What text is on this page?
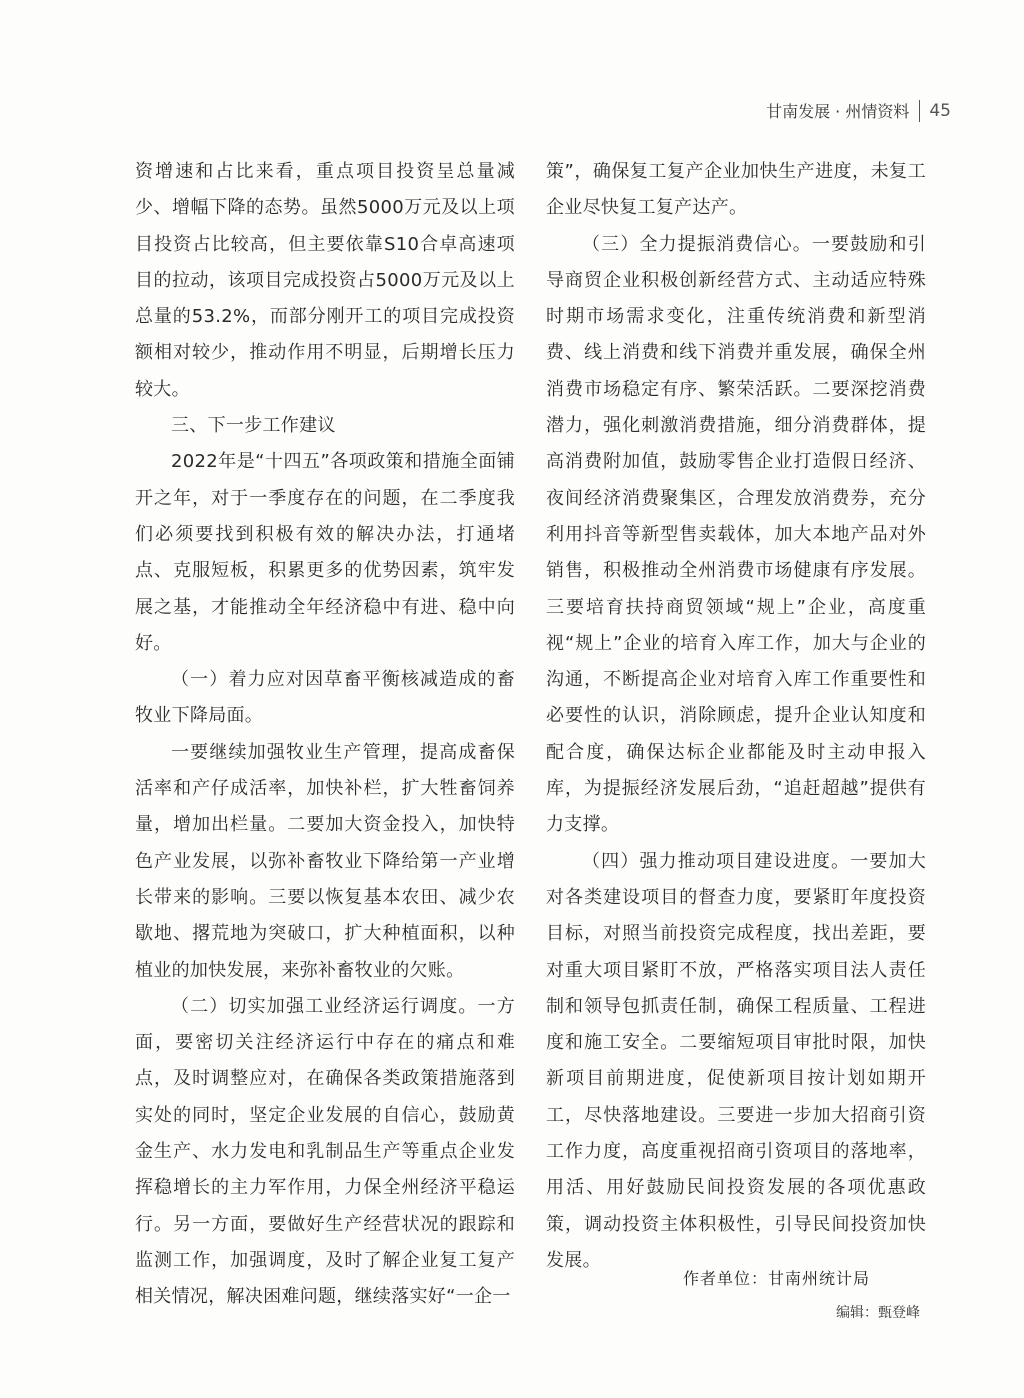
甘南发展 · 州情资料 45

资增速和占比来看，重点项目投资呈总量减少、增幅下降的态势。虽然5000万元及以上项目投资占比较高，但主要依靠S10合卓高速项目的拉动，该项目完成投资占5000万元及以上总量的53.2%，而部分刚开工的项目完成投资额相对较少，推动作用不明显，后期增长压力较大。

三、下一步工作建议

2022年是“十四五”各项政策和措施全面铺开之年，对于一季度存在的问题，在二季度我们必须要找到积极有效的解决办法，打通堵点、克服短板，积累更多的优势因素，筑牢发展之基，才能推动全年经济稳中有进、稳中向好。

（一）着力应对因草畜平衡核减造成的畜牧业下降局面。

一要继续加强牧业生产管理，提高成畜保活率和产仔成活率，加快补栏，扩大牲畜饲养量，增加出栏量。二要加大资金投入，加快特色产业发展，以弥补畜牧业下降给第一产业增长带来的影响。三要以恢复基本农田、减少农歇地、撂荒地为突破口，扩大种植面积，以种植业的加快发展，来弥补畜牧业的欠账。

（二）切实加强工业经济运行调度。一方面，要密切关注经济运行中存在的痛点和难点，及时调整应对，在确保各类政策措施落到实处的同时，坚定企业发展的自信心，鼓励黄金生产、水力发电和乳制品生产等重点企业发挥稳增长的主力军作用，力保全州经济平稳运行。另一方面，要做好生产经营状况的跟踪和监测工作，加强调度，及时了解企业复工复产相关情况，解决困难问题，继续落实好“一企一

策”，确保复工复产企业加快生产进度，未复工企业尽快复工复产达产。

（三）全力提振消费信心。一要鼓励和引导商贸企业积极创新经营方式、主动适应特殊时期市场需求变化，注重传统消费和新型消费、线上消费和线下消费并重发展，确保全州消费市场稳定有序、繁荣活跃。二要深挖消费潜力，强化刺激消费措施，细分消费群体，提高消费附加值，鼓励零售企业打造假日经济、夜间经济消费聚集区，合理发放消费券，充分利用抖音等新型售卖载体，加大本地产品对外销售，积极推动全州消费市场健康有序发展。三要培育扶持商贸领域“规上”企业，高度重视“规上”企业的培育入库工作，加大与企业的沟通，不断提高企业对培育入库工作重要性和必要性的认识，消除顾虑，提升企业认知度和配合度，确保达标企业都能及时主动申报入库，为提振经济发展后劲，“追赶超越”提供有力支撑。

（四）强力推动项目建设进度。一要加大对各类建设项目的督查力度，要紧盯年度投资目标，对照当前投资完成程度，找出差距，要对重大项目紧盯不放，严格落实项目法人责任制和领导包抓责任制，确保工程质量、工程进度和施工安全。二要缩短项目审批时限，加快新项目前期进度，促使新项目按计划如期开工，尽快落地建设。三要进一步加大招商引资工作力度，高度重视招商引资项目的落地率，用活、用好鼓励民间投资发展的各项优惠政策，调动投资主体积极性，引导民间投资加快发展。

作者单位：甘南州统计局
编辑：甄登峰
